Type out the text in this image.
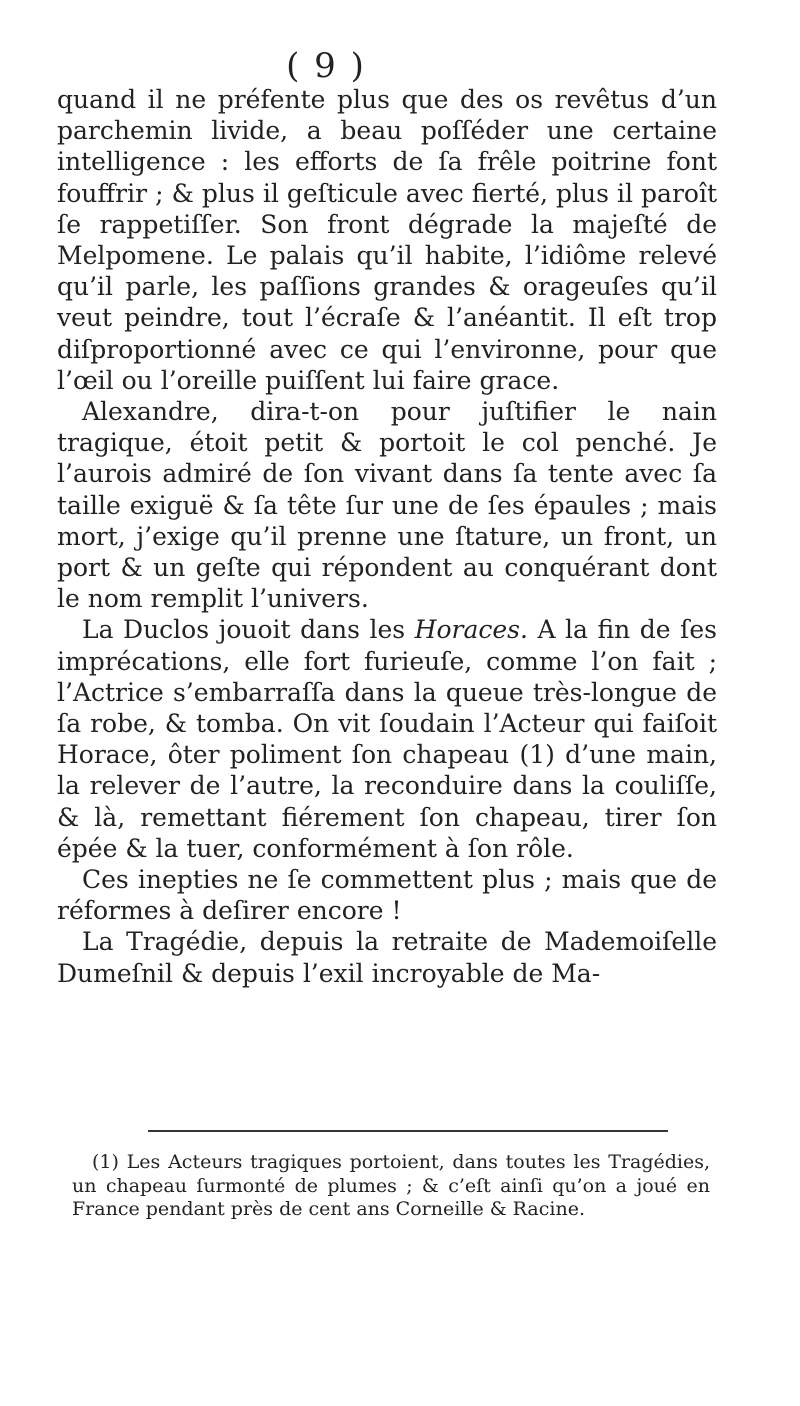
( 9 )

quand il ne préfente plus que des os revêtus d’un parchemin livide, a beau poſſéder une certaine intelligence : les efforts de ſa frêle poitrine font fouffrir ; & plus il geſticule avec fierté, plus il paroît ſe rappetiſſer. Son front dégrade la majeſté de Melpomene. Le palais qu’il habite, l’idiôme relevé qu’il parle, les paſſions grandes & orageuſes qu’il veut peindre, tout l’écraſe & l’anéantit. Il eſt trop diſproportionné avec ce qui l’environne, pour que l’œil ou l’oreille puiſſent lui faire grace.

Alexandre, dira-t-on pour juſtifier le nain tragique, étoit petit & portoit le col penché. Je l’aurois admiré de ſon vivant dans ſa tente avec ſa taille exiguë & ſa tête ſur une de ſes épaules ; mais mort, j’exige qu’il prenne une ſtature, un front, un port & un geſte qui répondent au conquérant dont le nom remplit l’univers.

La Duclos jouoit dans les Horaces. A la fin de ſes imprécations, elle fort furieuſe, comme l’on fait ; l’Actrice s’embarraſſa dans la queue très-longue de ſa robe, & tomba. On vit ſoudain l’Acteur qui faiſoit Horace, ôter poliment ſon chapeau (1) d’une main, la relever de l’autre, la reconduire dans la couliſſe, & là, remettant fiérement ſon chapeau, tirer ſon épée & la tuer, conformément à ſon rôle.

Ces inepties ne ſe commettent plus ; mais que de réformes à deſirer encore !

La Tragédie, depuis la retraite de Mademoiſelle Dumeſnil & depuis l’exil incroyable de Ma-

(1) Les Acteurs tragiques portoient, dans toutes les Tragédies, un chapeau ſurmonté de plumes ; & c’eſt ainſi qu’on a joué en France pendant près de cent ans Corneille & Racine.
